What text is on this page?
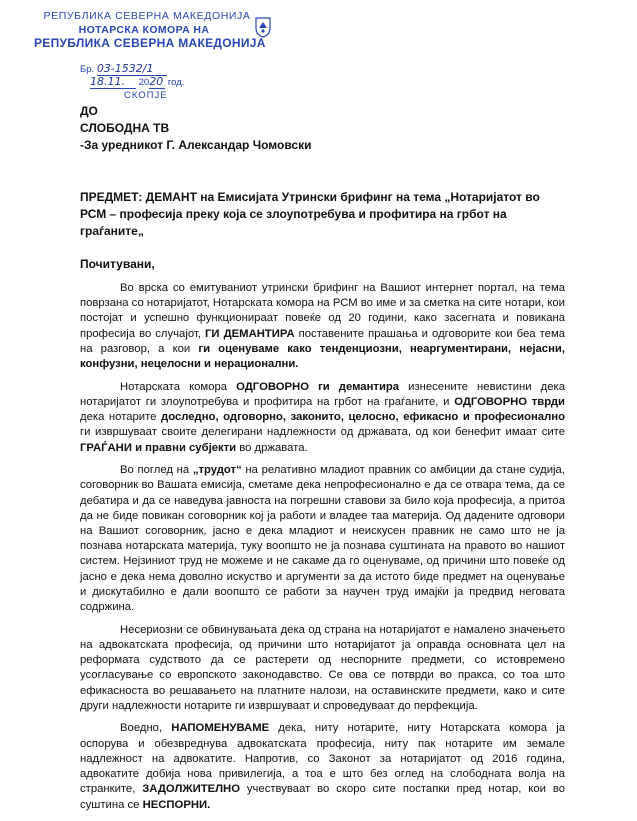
РЕПУБЛИКА СЕВЕРНА МАКЕДОНИЈА
НОТАРСКА КОМОРА НА
РЕПУБЛИКА СЕВЕРНА МАКЕДОНИЈА
Бр. 03-1532/1
18.11. 2020 год.
СКОПЈЕ
ДО
СЛОБОДНА ТВ
-За уредникот Г. Александар Чомовски
ПРЕДМЕТ: ДЕМАНТ на Емисијата Утрински брифинг на тема „Нотаријатот во РСМ – професија преку која се злоупотребува и профитира на грбот на граѓаните„
Почитувани,

Во врска со емитуваниот утрински брифинг на Вашиот интернет портал, на тема поврзана со нотаријатот, Нотарската комора на РСМ во име и за сметка на сите нотари, кои постојат и успешно функционираат повеќе од 20 години, како засегната и повикана професија во случајот, ГИ ДЕМАНТИРА поставените прашања и одговорите кои беа тема на разговор, а кои ги оценуваме како тенденциозни, неаргументирани, нејасни, конфузни, нецелосни и нерационални.

Нотарската комора ОДГОВОРНО ги демантира изнесените невистини дека нотаријатот ги злоупотребува и профитира на грбот на граѓаните, и ОДГОВОРНО тврди дека нотарите доследно, одговорно, законито, целосно, ефикасно и професионално ги извршуваат своите делегирани надлежности од државата, од кои бенефит имаат сите ГРАЃАНИ и правни субјекти во државата.

Во поглед на „трудот“ на релативно младиот правник со амбиции да стане судија, соговорник во Вашата емисија, сметаме дека непрофесионално е да се отвара тема, да се дебатира и да се наведува јавноста на погрешни ставови за било која професија, а притоа да не биде повикан соговорник кој ја работи и владее таа материја. Од дадените одговори на Вашиот соговорник, јасно е дека младиот и неискусен правник не само што не ја познава нотарската материја, туку воопшто не ја познава суштината на правото во нашиот систем. Нејзиниот труд не можеме и не сакаме да го оценуваме, од причини што повеќе од јасно е дека нема доволно искуство и аргументи за да истото биде предмет на оценување и дискутабилно е дали воопшто се работи за научен труд имајќи ја предвид неговата содржина.

Несериозни се обвинувањата дека од страна на нотаријатот е намалено значењето на адвокатската професија, од причини што нотаријатот ја оправда основната цел на реформата судството да се растерети од неспорните предмети, со истовремено усогласување со европското законодавство. Се ова се потврди во пракса, со тоа што ефикасноста во решавањето на платните налози, на оставинските предмети, како и сите други надлежности нотарите ги извршуваат и спроведуваат до перфекција.

Воедно, НАПОМЕНУВАМЕ дека, ниту нотарите, ниту Нотарската комора ја оспорува и обезвреднува адвокатската професија, ниту пак нотарите им земале надлежност на адвокатите. Напротив, со Законот за нотаријатот од 2016 година, адвокатите добија нова привилегија, а тоа е што без оглед на слободната волја на странките, ЗАДОЛЖИТЕЛНО учествуваат во скоро сите постапки пред нотар, кои во суштина се НЕСПОРНИ.
